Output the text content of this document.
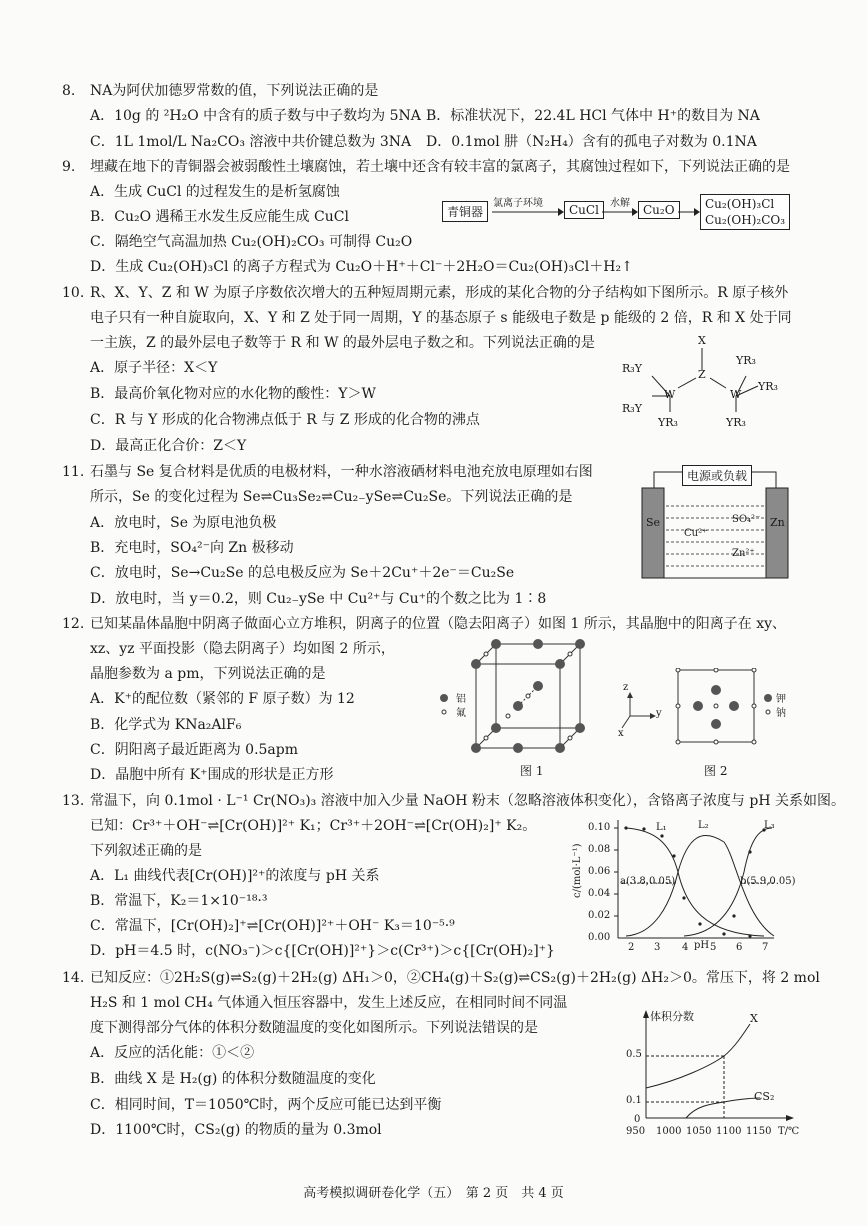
8. NA为阿伏加德罗常数的值，下列说法正确的是
A．10g 的 ²H₂O 中含有的质子数与中子数均为 5NA B．标准状况下，22.4L HCl 气体中 H⁺的数目为 NA
C．1L 1mol/L Na₂CO₃ 溶液中共价键总数为 3NA D．0.1mol 肼（N₂H₄）含有的孤电子对数为 0.1NA
9. 埋藏在地下的青铜器会被弱酸性土壤腐蚀，若土壤中还含有较丰富的氯离子，其腐蚀过程如下，下列说法正确的是
A．生成 CuCl 的过程发生的是析氢腐蚀
B．Cu₂O 遇稀王水发生反应能生成 CuCl
C．隔绝空气高温加热 Cu₂(OH)₂CO₃ 可制得 Cu₂O
D．生成 Cu₂(OH)₃Cl 的离子方程式为 Cu₂O＋H⁺＋Cl⁻＋2H₂O＝Cu₂(OH)₃Cl＋H₂↑
青铜器
氯离子环境	CuCl	水解	Cu₂O	Cu₂(OH)₃Cl
Cu₂(OH)₂CO₃
10. R、X、Y、Z 和 W 为原子序数依次增大的五种短周期元素，形成的某化合物的分子结构如下图所示。R 原子核外
电子只有一种自旋取向，X、Y 和 Z 处于同一周期，Y 的基态原子 s 能级电子数是 p 能级的 2 倍，R 和 X 处于同
一主族，Z 的最外层电子数等于 R 和 W 的最外层电子数之和。下列说法正确的是
A．原子半径：X＜Y
B．最高价氧化物对应的水化物的酸性：Y＞W
C．R 与 Y 形成的化合物沸点低于 R 与 Z 形成的化合物的沸点
D．最高正化合价：Z＜Y
X
Z
W	W
R₃Y
R₃Y
YR₃
YR₃
YR₃
YR₃
11. 石墨与 Se 复合材料是优质的电极材料，一种水溶液硒材料电池充放电原理如右图
所示，Se 的变化过程为 Se⇌Cu₃Se₂⇌Cu₂₋ySe⇌Cu₂Se。下列说法正确的是
A．放电时，Se 为原电池负极
B．充电时，SO₄²⁻向 Zn 极移动
C．放电时，Se→Cu₂Se 的总电极反应为 Se＋2Cu⁺＋2e⁻＝Cu₂Se
D．放电时，当 y＝0.2，则 Cu₂₋ySe 中 Cu²⁺与 Cu⁺的个数之比为 1∶8
电源或负载
Se	Zn
SO₄²⁻
Cu²⁺
Zn²⁺
12. 已知某晶体晶胞中阴离子做面心立方堆积，阴离子的位置（隐去阳离子）如图 1 所示，其晶胞中的阳离子在 xy、
xz、yz 平面投影（隐去阴离子）均如图 2 所示，
晶胞参数为 a pm，下列说法正确的是
A．K⁺的配位数（紧邻的 F 原子数）为 12
B．化学式为 KNa₂AlF₆
C．阴阳离子最近距离为 0.5apm
D．晶胞中所有 K⁺围成的形状是正方形
铝
氟
图 1
z
y
x
钾
钠
图 2
13. 常温下，向 0.1mol · L⁻¹ Cr(NO₃)₃ 溶液中加入少量 NaOH 粉末（忽略溶液体积变化），含铬离子浓度与 pH 关系如图。
已知：Cr³⁺＋OH⁻⇌[Cr(OH)]²⁺ K₁；Cr³⁺＋2OH⁻⇌[Cr(OH)₂]⁺ K₂。
下列叙述正确的是
A．L₁ 曲线代表[Cr(OH)]²⁺的浓度与 pH 关系
B．常温下，K₂＝1×10⁻¹⁸·³
C．常温下，[Cr(OH)₂]⁺⇌[Cr(OH)]²⁺＋OH⁻ K₃＝10⁻⁵·⁹
D．pH＝4.5 时，c(NO₃⁻)＞c{[Cr(OH)]²⁺}＞c(Cr³⁺)＞c{[Cr(OH)₂]⁺}
c/(mol·L⁻¹)
0.10
0.08
0.06
0.04
0.02
0.00
2 3 4 5 6 7
pH
L₁	L₂	L₃
a(3.8,0.05)	b(5.9,0.05)
14. 已知反应：①2H₂S(g)⇌S₂(g)＋2H₂(g) ΔH₁＞0，②CH₄(g)＋S₂(g)⇌CS₂(g)＋2H₂(g) ΔH₂＞0。常压下，将 2 mol
H₂S 和 1 mol CH₄ 气体通入恒压容器中，发生上述反应，在相同时间不同温
度下测得部分气体的体积分数随温度的变化如图所示。下列说法错误的是
A．反应的活化能：①＜②
B．曲线 X 是 H₂(g) 的体积分数随温度的变化
C．相同时间，T＝1050℃时，两个反应可能已达到平衡
D．1100℃时，CS₂(g) 的物质的量为 0.3mol
体积分数
0.5
0.1
0
950 1000 1050 1100 1150 T/℃
X
CS₂
高考模拟调研卷化学（五）　第 2 页　共 4 页
